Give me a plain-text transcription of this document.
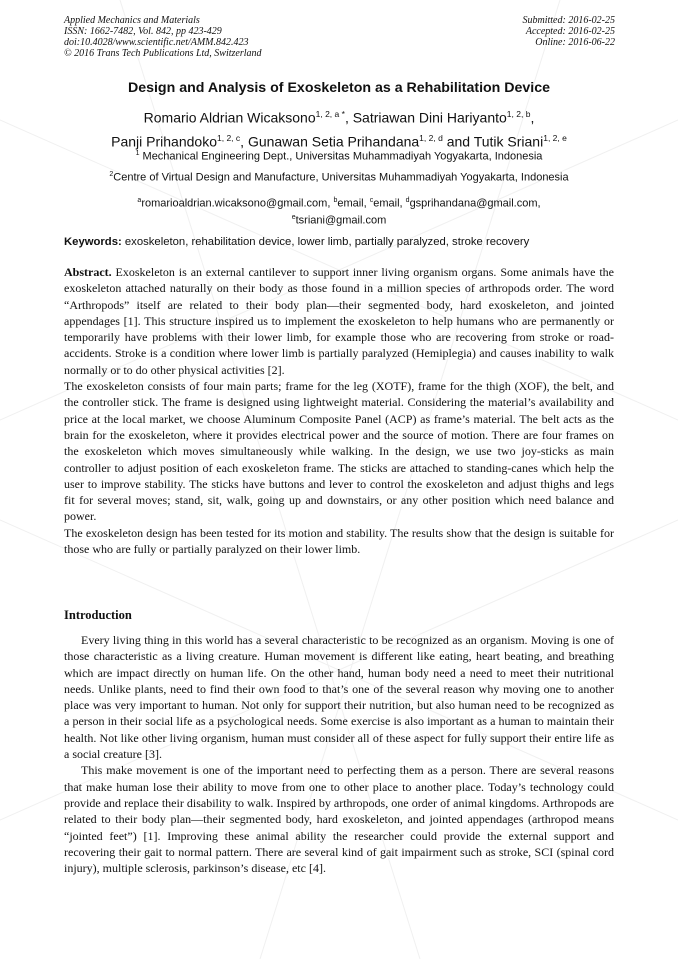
Applied Mechanics and Materials
ISSN: 1662-7482, Vol. 842, pp 423-429
doi:10.4028/www.scientific.net/AMM.842.423
© 2016 Trans Tech Publications Ltd, Switzerland
Submitted: 2016-02-25
Accepted: 2016-02-25
Online: 2016-06-22
Design and Analysis of Exoskeleton as a Rehabilitation Device
Romario Aldrian Wicaksono$^{1, 2, a *}$, Satriawan Dini Hariyanto$^{1, 2, b}$,
Panji Prihandoko$^{1, 2, c}$, Gunawan Setia Prihandana$^{1, 2, d}$ and Tutik Sriani$^{1, 2, e}$
$^1$ Mechanical Engineering Dept., Universitas Muhammadiyah Yogyakarta, Indonesia
$^2$Centre of Virtual Design and Manufacture, Universitas Muhammadiyah Yogyakarta, Indonesia
$^a$romarioaldrian.wicaksono@gmail.com, $^b$email, $^c$email, $^d$gsprihandana@gmail.com,
$^e$tsriani@gmail.com
Keywords: exoskeleton, rehabilitation device, lower limb, partially paralyzed, stroke recovery

Abstract. Exoskeleton is an external cantilever to support inner living organism organs. Some animals have the exoskeleton attached naturally on their body as those found in a million species of arthropods order. The word “Arthropods” itself are related to their body plan—their segmented body, hard exoskeleton, and jointed appendages [1]. This structure inspired us to implement the exoskeleton to help humans who are permanently or temporarily have problems with their lower limb, for example those who are recovering from stroke or road-accidents. Stroke is a condition where lower limb is partially paralyzed (Hemiplegia) and causes inability to walk normally or to do other physical activities [2].

The exoskeleton consists of four main parts; frame for the leg (XOTF), frame for the thigh (XOF), the belt, and the controller stick. The frame is designed using lightweight material. Considering the material’s availability and price at the local market, we choose Aluminum Composite Panel (ACP) as frame’s material. The belt acts as the brain for the exoskeleton, where it provides electrical power and the source of motion. There are four frames on the exoskeleton which moves simultaneously while walking. In the design, we use two joy-sticks as main controller to adjust position of each exoskeleton frame. The sticks are attached to standing-canes which help the user to improve stability. The sticks have buttons and lever to control the exoskeleton and adjust thighs and legs fit for several moves; stand, sit, walk, going up and downstairs, or any other position which need balance and power.

The exoskeleton design has been tested for its motion and stability. The results show that the design is suitable for those who are fully or partially paralyzed on their lower limb.

Introduction

Every living thing in this world has a several characteristic to be recognized as an organism. Moving is one of those characteristic as a living creature. Human movement is different like eating, heart beating, and breathing which are impact directly on human life. On the other hand, human body need a need to meet their nutritional needs. Unlike plants, need to find their own food to that’s one of the several reason why moving one to another place was very important to human. Not only for support their nutrition, but also human need to be recognized as a person in their social life as a psychological needs. Some exercise is also important as a human to maintain their health. Not like other living organism, human must consider all of these aspect for fully support their entire life as a social creature [3].

This make movement is one of the important need to perfecting them as a person. There are several reasons that make human lose their ability to move from one to other place to another place. Today’s technology could provide and replace their disability to walk. Inspired by arthropods, one order of animal kingdoms. Arthropods are related to their body plan—their segmented body, hard exoskeleton, and jointed appendages (arthropod means “jointed feet”) [1]. Improving these animal ability the researcher could provide the external support and recovering their gait to normal pattern. There are several kind of gait impairment such as stroke, SCI (spinal cord injury), multiple sclerosis, parkinson’s disease, etc [4].
